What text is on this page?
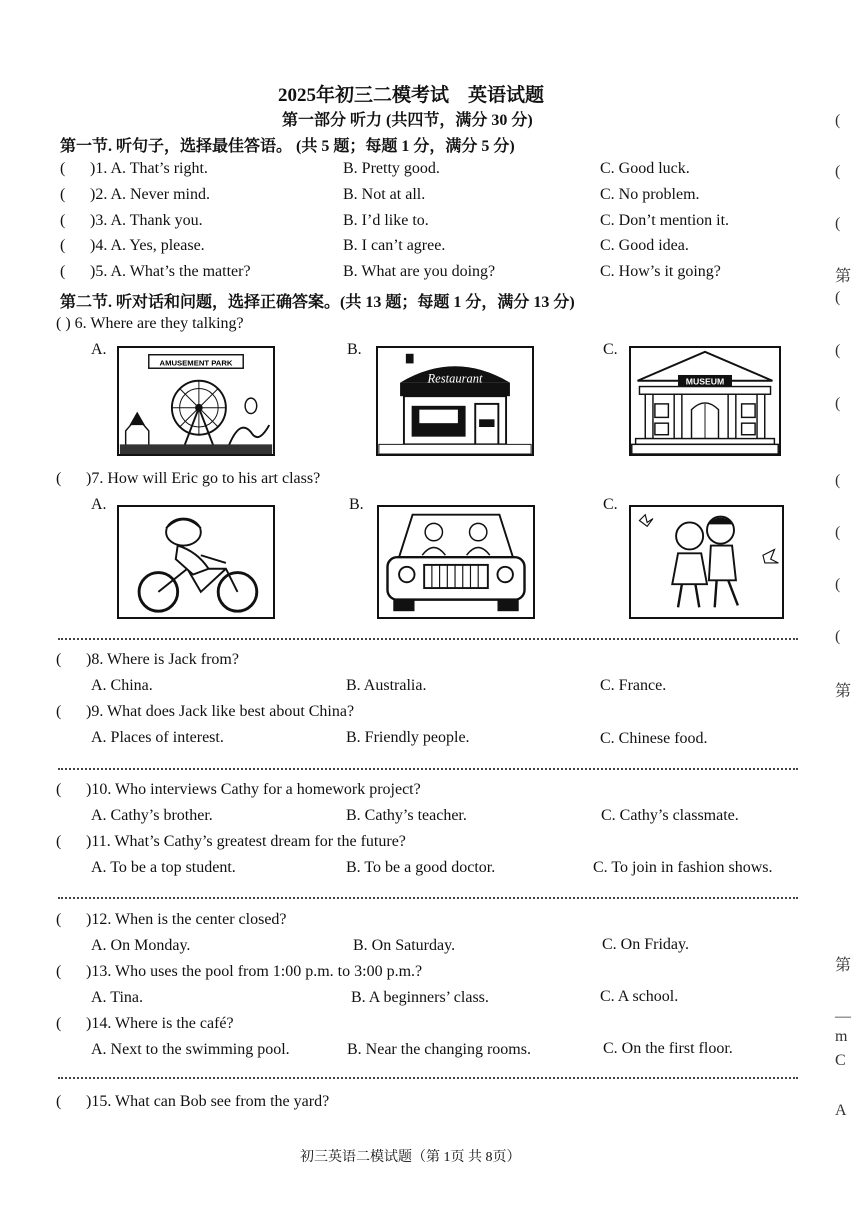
2025年初三二模考试　英语试题
第一部分 听力 (共四节，满分 30 分)
第一节. 听句子，选择最佳答语。 (共 5 题；每题 1 分，满分 5 分)
( )1. A. That’s right.	B. Pretty good.	C. Good luck.
( )2. A. Never mind.	B. Not at all.	C. No problem.
( )3. A. Thank you.	B. I’d like to.	C. Don’t mention it.
( )4. A. Yes, please.	B. I can’t agree.	C. Good idea.
( )5. A. What’s the matter?	B. What are you doing?	C. How’s it going?
第二节. 听对话和问题，选择正确答案。(共 13 题；每题 1 分，满分 13 分)
( ) 6. Where are they talking?
A.	B.	C.
AMUSEMENT PARK
Restaurant	MUSEUM
( )7. How will Eric go to his art class?
A.	B.	C.
( )8. Where is Jack from?
A. China.	B. Australia.	C. France.
( )9. What does Jack like best about China?
A. Places of interest.	B. Friendly people.	C. Chinese food.
( )10. Who interviews Cathy for a homework project?
A. Cathy’s brother.	B. Cathy’s teacher.	C. Cathy’s classmate.
( )11. What’s Cathy’s greatest dream for the future?
A. To be a top student.	B. To be a good doctor.	C. To join in fashion shows.
( )12. When is the center closed?
A. On Monday.	B. On Saturday.	C. On Friday.
( )13. Who uses the pool from 1:00 p.m. to 3:00 p.m.?
A. Tina.	B. A beginners’ class.	C. A school.
( )14. Where is the café?
A. Next to the swimming pool.	B. Near the changing rooms.	C. On the first floor.
( )15. What can Bob see from the yard?
初三英语二模试题（第 1页 共 8页）
(
(
(
第
(
(
(
(
(
(
(
第
第
—
m
C
A
